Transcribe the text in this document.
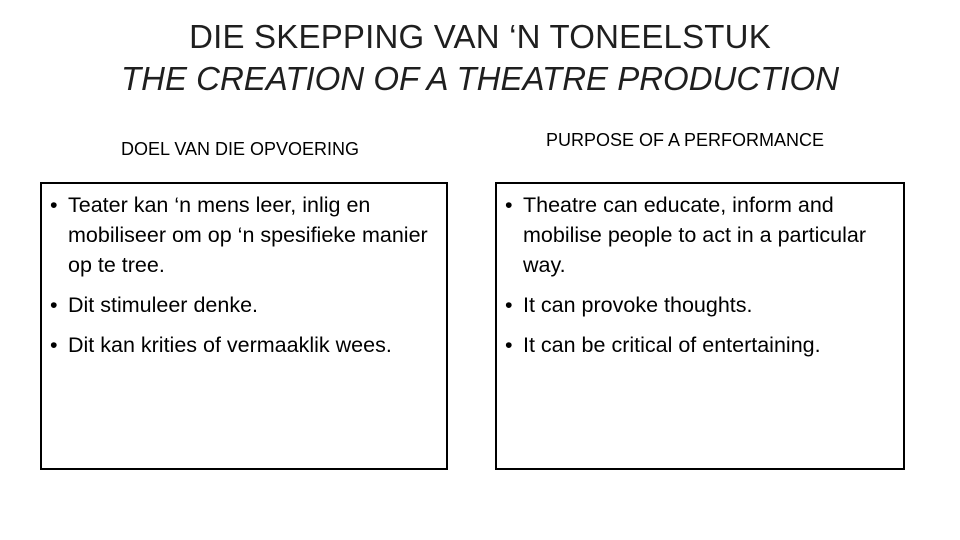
DIE SKEPPING VAN ‘N TONEELSTUK
THE CREATION OF A THEATRE PRODUCTION
DOEL VAN DIE OPVOERING	PURPOSE OF A PERFORMANCE
• Teater kan ‘n mens leer, inlig en mobiliseer om op ‘n spesifieke manier op te tree.
• Dit stimuleer denke.
• Dit kan krities of vermaaklik wees.
• Theatre can educate, inform and mobilise people to act in a particular way.
• It can provoke thoughts.
• It can be critical of entertaining.
